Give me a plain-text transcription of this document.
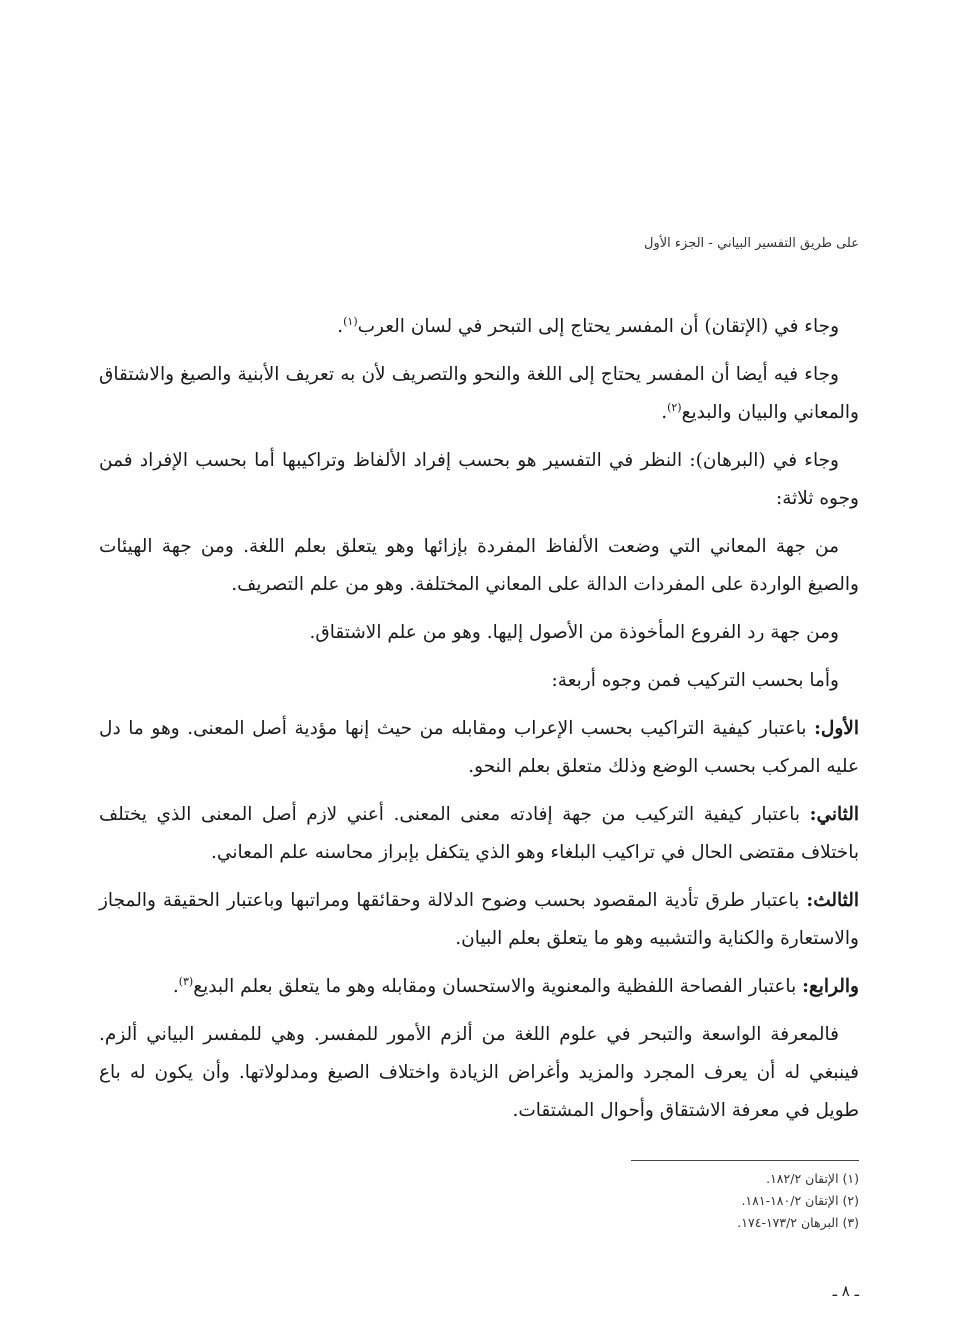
على طريق التفسير البياني - الجزء الأول

وجاء في (الإتقان) أن المفسر يحتاج إلى التبحر في لسان العرب$^{(١)}$.

وجاء فيه أيضا أن المفسر يحتاج إلى اللغة والنحو والتصريف لأن به تعريف الأبنية والصيغ والاشتقاق والمعاني والبيان والبديع$^{(٢)}$.

وجاء في (البرهان): النظر في التفسير هو بحسب إفراد الألفاظ وتراكيبها أما بحسب الإفراد فمن وجوه ثلاثة:

من جهة المعاني التي وضعت الألفاظ المفردة بإزائها وهو يتعلق بعلم اللغة. ومن جهة الهيئات والصيغ الواردة على المفردات الدالة على المعاني المختلفة. وهو من علم التصريف.

ومن جهة رد الفروع المأخوذة من الأصول إليها. وهو من علم الاشتقاق.

وأما بحسب التركيب فمن وجوه أربعة:

الأول: باعتبار كيفية التراكيب بحسب الإعراب ومقابله من حيث إنها مؤدية أصل المعنى. وهو ما دل عليه المركب بحسب الوضع وذلك متعلق بعلم النحو.

الثاني: باعتبار كيفية التركيب من جهة إفادته معنى المعنى. أعني لازم أصل المعنى الذي يختلف باختلاف مقتضى الحال في تراكيب البلغاء وهو الذي يتكفل بإبراز محاسنه علم المعاني.

الثالث: باعتبار طرق تأدية المقصود بحسب وضوح الدلالة وحقائقها ومراتبها وباعتبار الحقيقة والمجاز والاستعارة والكناية والتشبيه وهو ما يتعلق بعلم البيان.

والرابع: باعتبار الفصاحة اللفظية والمعنوية والاستحسان ومقابله وهو ما يتعلق بعلم البديع$^{(٣)}$.

فالمعرفة الواسعة والتبحر في علوم اللغة من ألزم الأمور للمفسر. وهي للمفسر البياني ألزم. فينبغي له أن يعرف المجرد والمزيد وأغراض الزيادة واختلاف الصيغ ومدلولاتها. وأن يكون له باع طويل في معرفة الاشتقاق وأحوال المشتقات.

(١) الإتقان ١٨٢/٢.
(٢) الإتقان ١٨٠/٢-١٨١.
(٣) البرهان ١٧٣/٢-١٧٤.
ـ ٨ ـ
